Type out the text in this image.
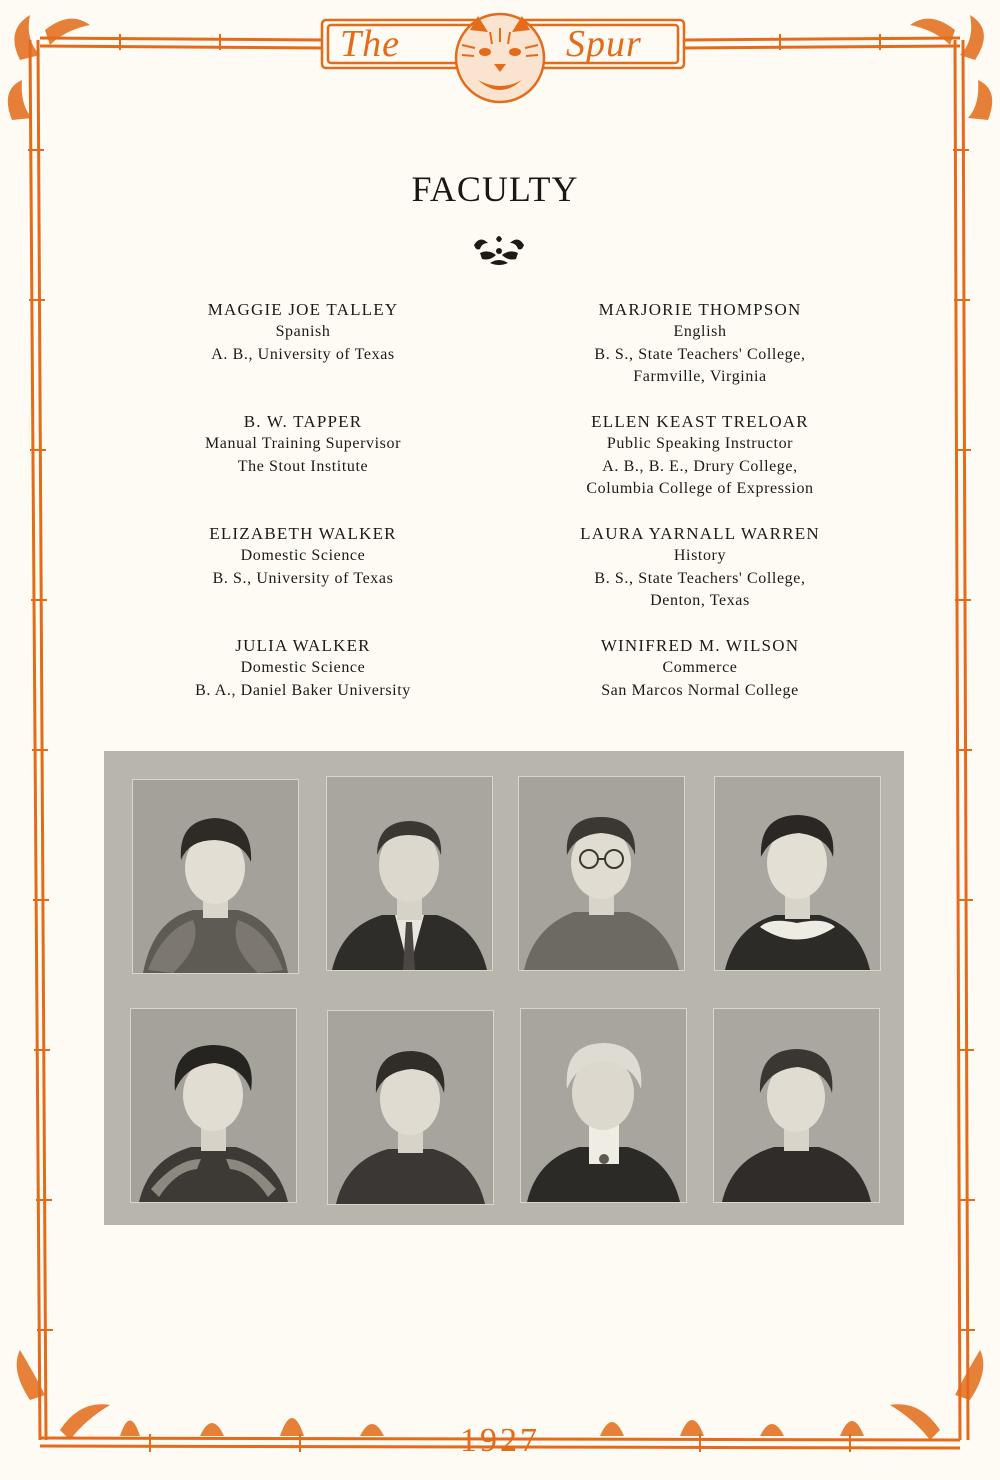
The	Spur
1927
FACULTY
MAGGIE JOE TALLEY
Spanish
A. B., University of Texas
B. W. TAPPER
Manual Training Supervisor
The Stout Institute
ELIZABETH WALKER
Domestic Science
B. S., University of Texas
JULIA WALKER
Domestic Science
B. A., Daniel Baker University
MARJORIE THOMPSON
English
B. S., State Teachers' College,
Farmville, Virginia
ELLEN KEAST TRELOAR
Public Speaking Instructor
A. B., B. E., Drury College,
Columbia College of Expression
LAURA YARNALL WARREN
History
B. S., State Teachers' College,
Denton, Texas
WINIFRED M. WILSON
Commerce
San Marcos Normal College
